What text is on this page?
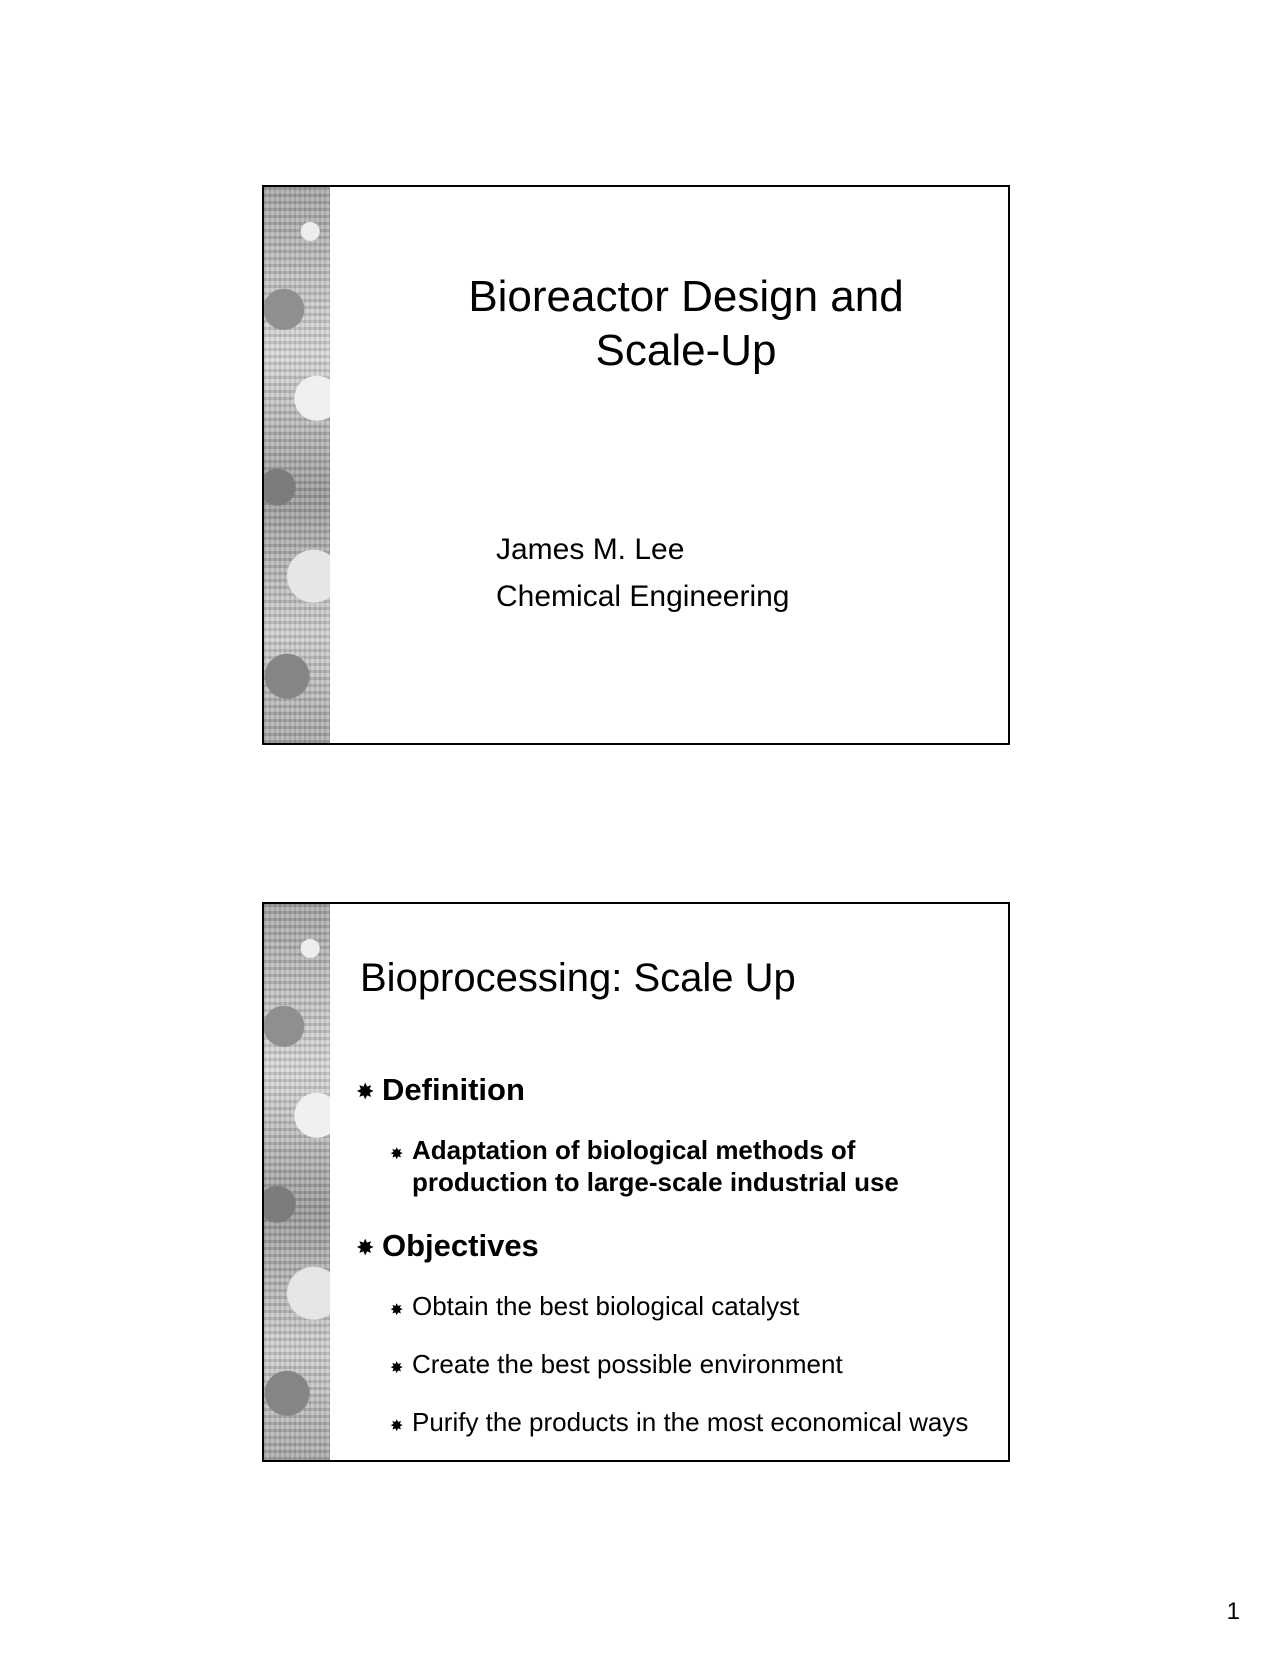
Bioreactor Design and
Scale-Up

James M. Lee

Chemical Engineering

Bioprocessing: Scale Up

✸ Definition

✸ Adaptation of biological methods of production to large-scale industrial use

✸ Objectives

✸ Obtain the best biological catalyst

✸ Create the best possible environment

✸ Purify the products in the most economical ways

1
